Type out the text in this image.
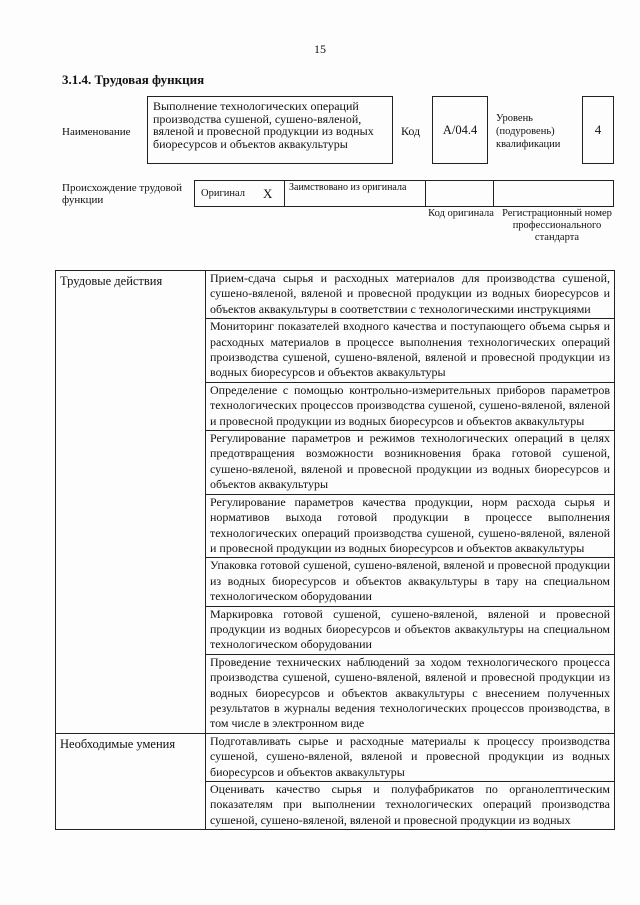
15
3.1.4. Трудовая функция
Наименование
Выполнение технологических операций производства сушеной, сушено-вяленой, вяленой и провесной продукции из водных биоресурсов и объектов аквакультуры
Код A/04.4
Уровень (подуровень) квалификации
4
Происхождение трудовой функции
Оригинал X Заимствовано из оригинала
Код оригинала Регистрационный номер профессионального стандарта
Трудовые действия	Прием-сдача сырья и расходных материалов для производства сушеной, сушено-вяленой, вяленой и провесной продукции из водных биоресурсов и объектов аквакультуры в соответствии с технологическими инструкциями
	Мониторинг показателей входного качества и поступающего объема сырья и расходных материалов в процессе выполнения технологических операций производства сушеной, сушено-вяленой, вяленой и провесной продукции из водных биоресурсов и объектов аквакультуры
	Определение с помощью контрольно-измерительных приборов параметров технологических процессов производства сушеной, сушено-вяленой, вяленой и провесной продукции из водных биоресурсов и объектов аквакультуры
	Регулирование параметров и режимов технологических операций в целях предотвращения возможности возникновения брака готовой сушеной, сушено-вяленой, вяленой и провесной продукции из водных биоресурсов и объектов аквакультуры
	Регулирование параметров качества продукции, норм расхода сырья и нормативов выхода готовой продукции в процессе выполнения технологических операций производства сушеной, сушено-вяленой, вяленой и провесной продукции из водных биоресурсов и объектов аквакультуры
	Упаковка готовой сушеной, сушено-вяленой, вяленой и провесной продукции из водных биоресурсов и объектов аквакультуры в тару на специальном технологическом оборудовании
	Маркировка готовой сушеной, сушено-вяленой, вяленой и провесной продукции из водных биоресурсов и объектов аквакультуры на специальном технологическом оборудовании
	Проведение технических наблюдений за ходом технологического процесса производства сушеной, сушено-вяленой, вяленой и провесной продукции из водных биоресурсов и объектов аквакультуры с внесением полученных результатов в журналы ведения технологических процессов производства, в том числе в электронном виде
Необходимые умения	Подготавливать сырье и расходные материалы к процессу производства сушеной, сушено-вяленой, вяленой и провесной продукции из водных биоресурсов и объектов аквакультуры
	Оценивать качество сырья и полуфабрикатов по органолептическим показателям при выполнении технологических операций производства сушеной, сушено-вяленой, вяленой и провесной продукции из водных
